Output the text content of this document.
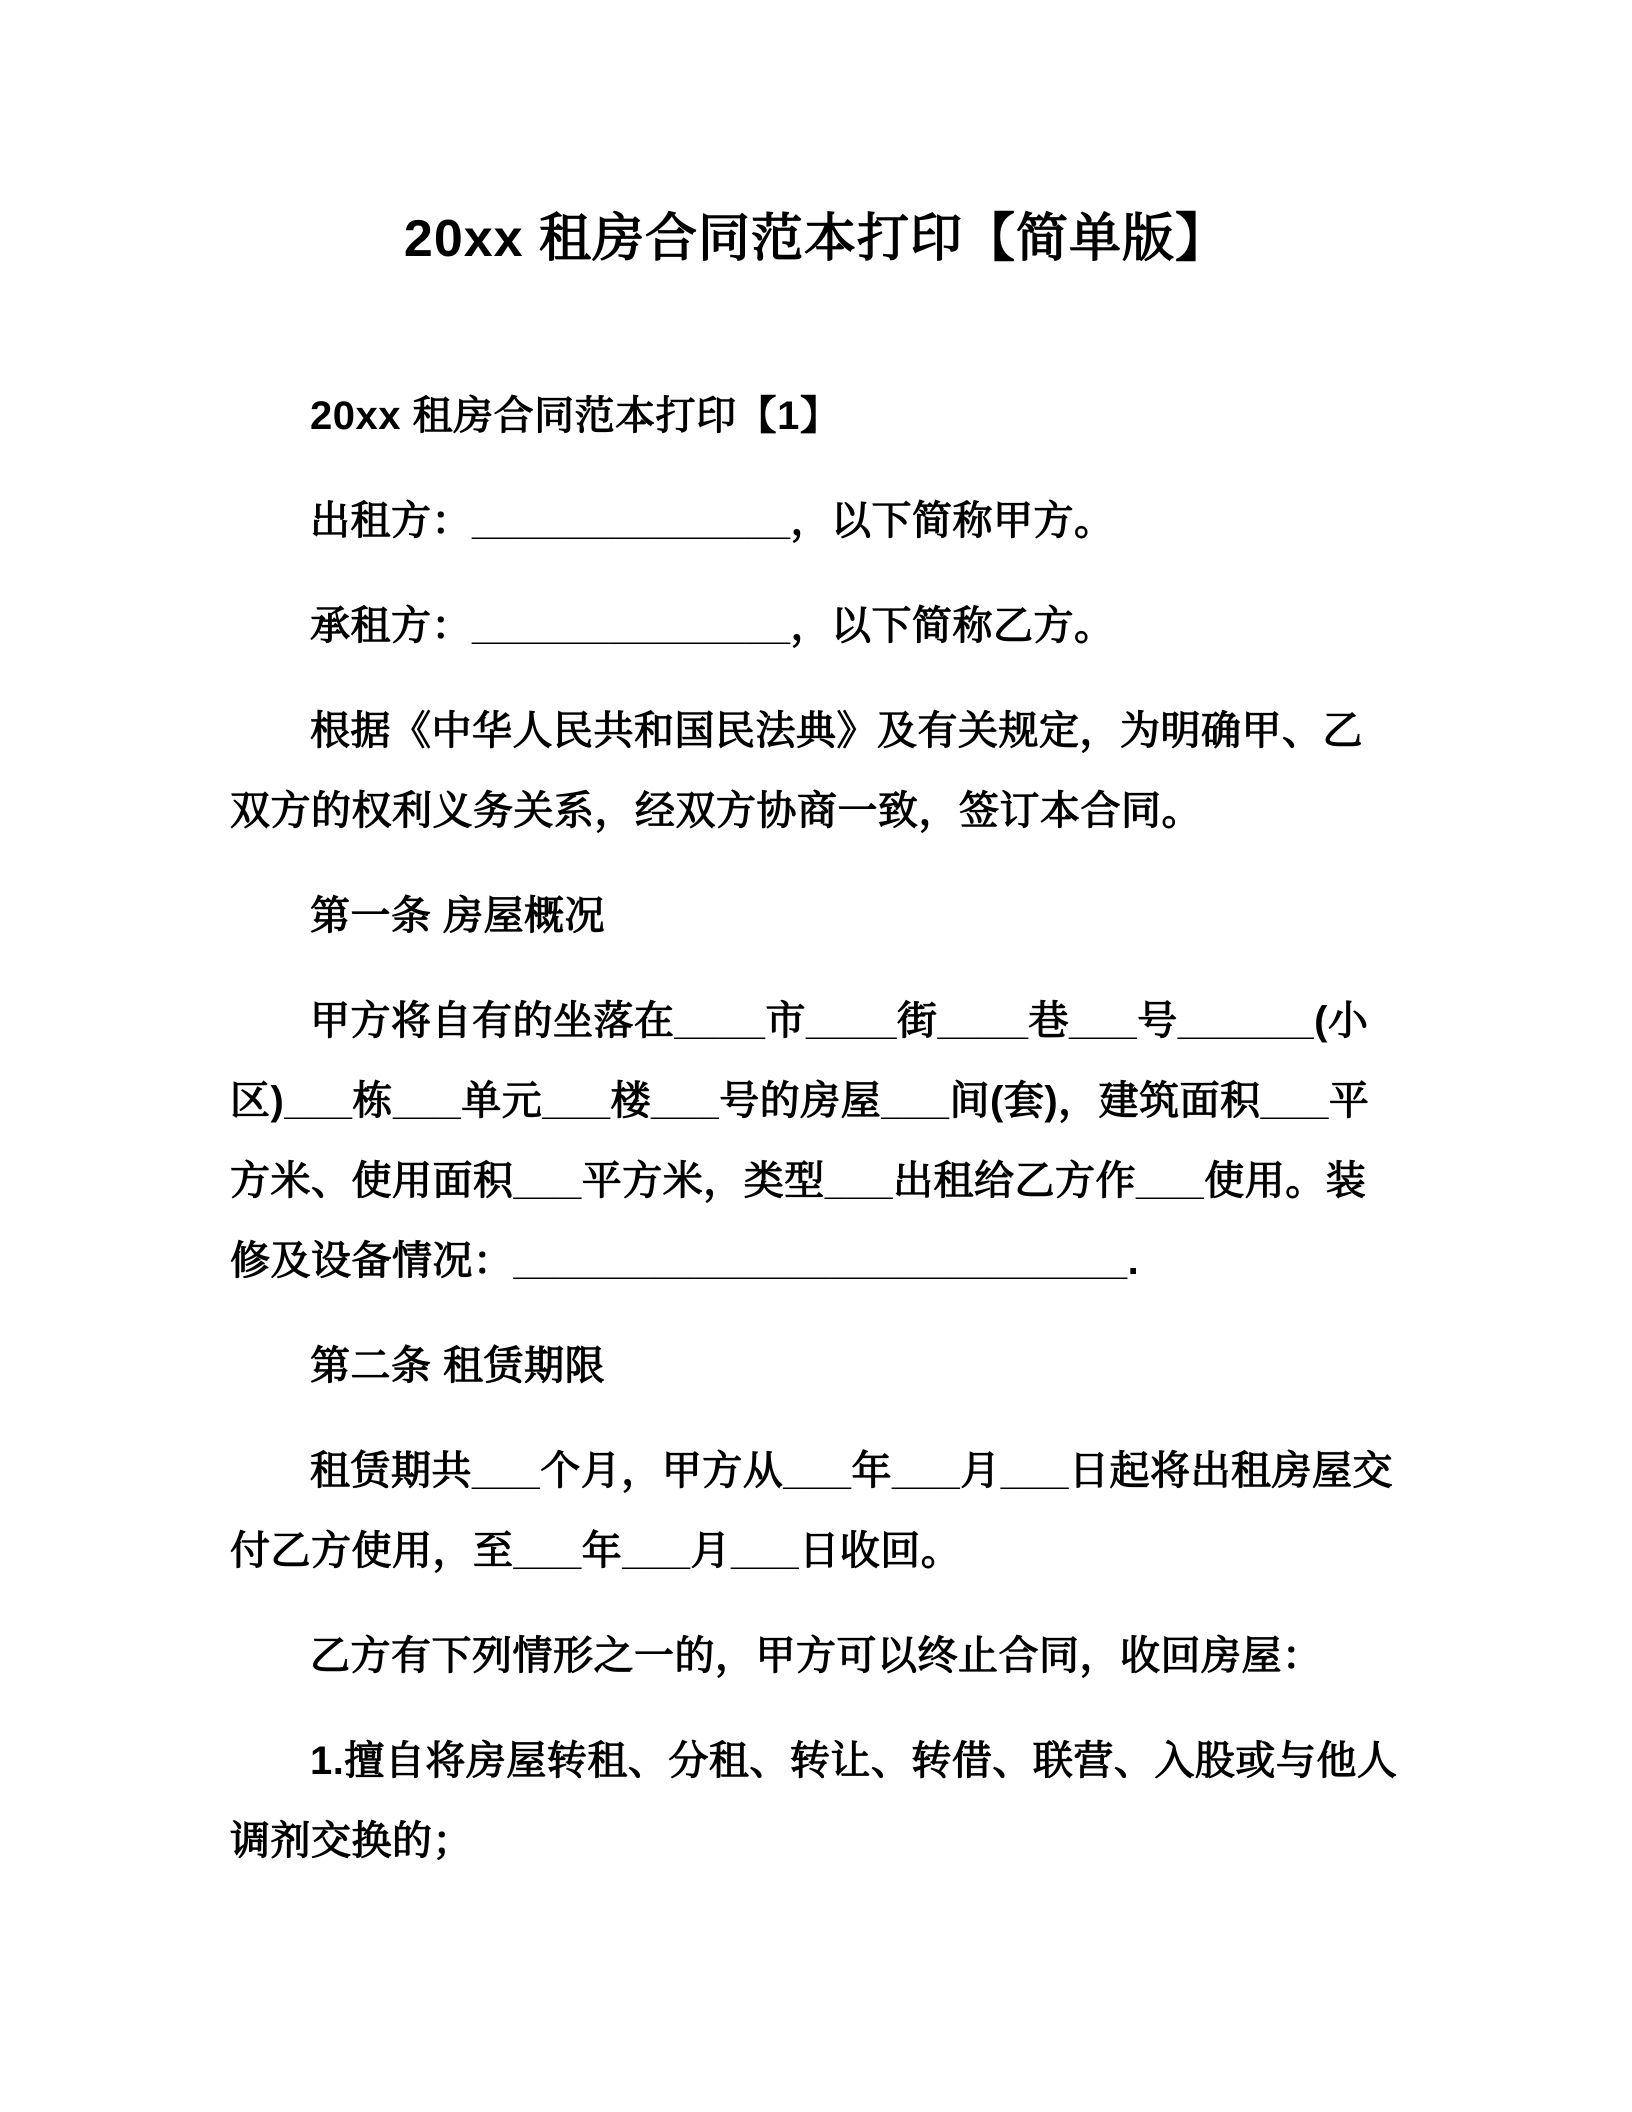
20xx 租房合同范本打印【简单版】

20xx 租房合同范本打印【1】

出租方：______________，以下简称甲方。

承租方：______________，以下简称乙方。

根据《中华人民共和国民法典》及有关规定，为明确甲、乙双方的权利义务关系，经双方协商一致，签订本合同。

第一条 房屋概况

甲方将自有的坐落在____市____街____巷___号______(小区)___栋___单元___楼___号的房屋___间(套)，建筑面积___平方米、使用面积___平方米，类型___出租给乙方作___使用。装修及设备情况：___________________________.

第二条 租赁期限

租赁期共___个月，甲方从___年___月___日起将出租房屋交付乙方使用，至___年___月___日收回。

乙方有下列情形之一的，甲方可以终止合同，收回房屋：

1.擅自将房屋转租、分租、转让、转借、联营、入股或与他人调剂交换的；
